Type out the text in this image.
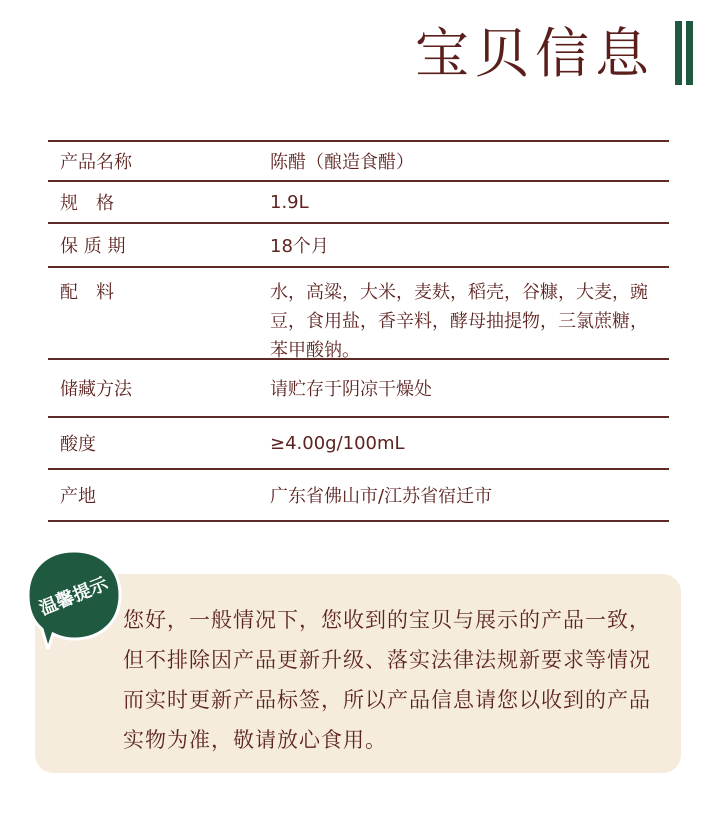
宝贝信息
产品名称	陈醋（酿造食醋）
规　格	1.9L
保 质 期	18个月
配　料	水，高粱，大米，麦麸，稻壳，谷糠，大麦，豌豆，食用盐，香辛料，酵母抽提物，三氯蔗糖，苯甲酸钠。
储藏方法	请贮存于阴凉干燥处
酸度	≥4.00g/100mL
产地	广东省佛山市/江苏省宿迁市
您好，一般情况下，您收到的宝贝与展示的产品一致，但不排除因产品更新升级、落实法律法规新要求等情况而实时更新产品标签，所以产品信息请您以收到的产品实物为准，敬请放心食用。
温馨提示
